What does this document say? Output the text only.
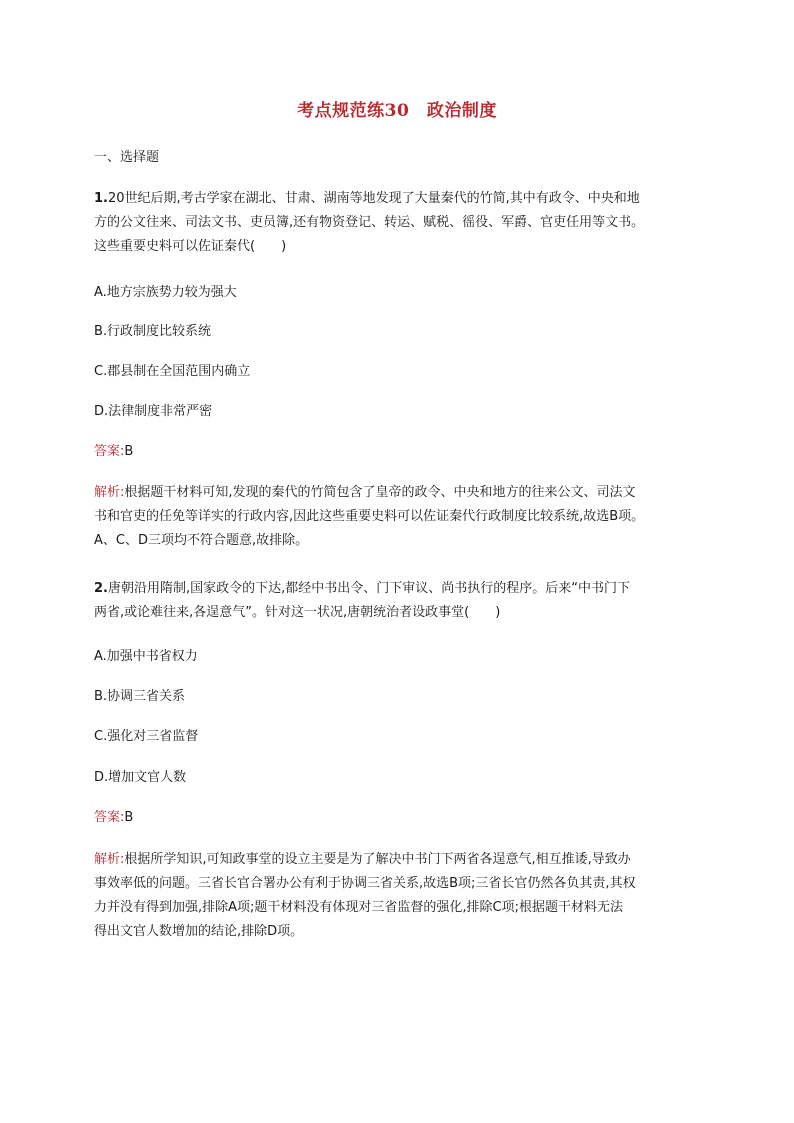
考点规范练30　政治制度
一、选择题
1.20世纪后期,考古学家在湖北、甘肃、湖南等地发现了大量秦代的竹简,其中有政令、中央和地
方的公文往来、司法文书、吏员簿,还有物资登记、转运、赋税、徭役、军爵、官吏任用等文书。
这些重要史料可以佐证秦代(　　)
A.地方宗族势力较为强大
B.行政制度比较系统
C.郡县制在全国范围内确立
D.法律制度非常严密
答案:B
解析:根据题干材料可知,发现的秦代的竹简包含了皇帝的政令、中央和地方的往来公文、司法文
书和官吏的任免等详实的行政内容,因此这些重要史料可以佐证秦代行政制度比较系统,故选B项。
A、C、D三项均不符合题意,故排除。
2.唐朝沿用隋制,国家政令的下达,都经中书出令、门下审议、尚书执行的程序。后来“中书门下
两省,或论难往来,各逞意气”。针对这一状况,唐朝统治者设政事堂(　　)
A.加强中书省权力
B.协调三省关系
C.强化对三省监督
D.增加文官人数
答案:B
解析:根据所学知识,可知政事堂的设立主要是为了解决中书门下两省各逞意气,相互推诿,导致办
事效率低的问题。三省长官合署办公有利于协调三省关系,故选B项;三省长官仍然各负其责,其权
力并没有得到加强,排除A项;题干材料没有体现对三省监督的强化,排除C项;根据题干材料无法
得出文官人数增加的结论,排除D项。
